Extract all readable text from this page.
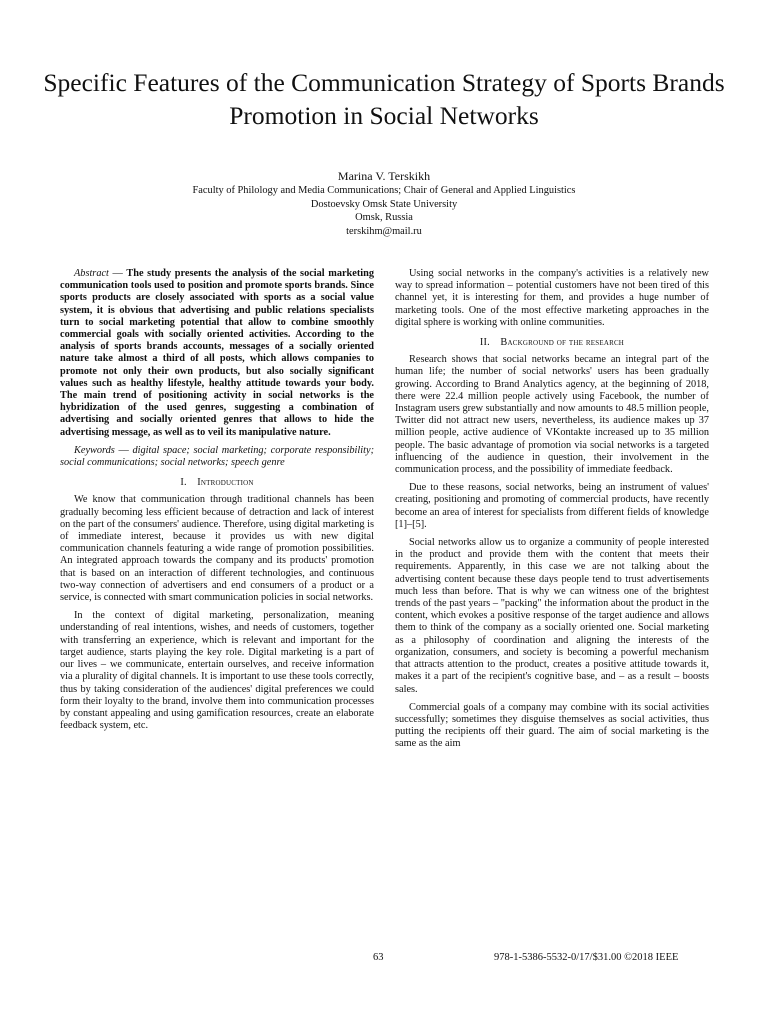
Specific Features of the Communication Strategy of Sports Brands Promotion in Social Networks
Marina V. Terskikh
Faculty of Philology and Media Communications; Chair of General and Applied Linguistics
Dostoevsky Omsk State University
Omsk, Russia
terskihm@mail.ru

Abstract — The study presents the analysis of the social marketing communication tools used to position and promote sports brands. Since sports products are closely associated with sports as a social value system, it is obvious that advertising and public relations specialists turn to social marketing potential that allow to combine smoothly commercial goals with socially oriented activities. According to the analysis of sports brands accounts, messages of a socially oriented nature take almost a third of all posts, which allows companies to promote not only their own products, but also socially significant values such as healthy lifestyle, healthy attitude towards your body. The main trend of positioning activity in social networks is the hybridization of the used genres, suggesting a combination of advertising and socially oriented genres that allows to hide the advertising message, as well as to veil its manipulative nature.

Keywords — digital space; social marketing; corporate responsibility; social communications; social networks; speech genre

I. Introduction

We know that communication through traditional channels has been gradually becoming less efficient because of detraction and lack of interest on the part of the consumers' audience. Therefore, using digital marketing is of immediate interest, because it provides us with new digital communication channels featuring a wide range of promotion possibilities. An integrated approach towards the company and its products' promotion that is based on an interaction of different technologies, and continuous two-way connection of advertisers and end consumers of a product or a service, is connected with smart communication policies in social networks.

In the context of digital marketing, personalization, meaning understanding of real intentions, wishes, and needs of customers, together with transferring an experience, which is relevant and important for the target audience, starts playing the key role. Digital marketing is a part of our lives – we communicate, entertain ourselves, and receive information via a plurality of digital channels. It is important to use these tools correctly, thus by taking consideration of the audiences' digital preferences we could form their loyalty to the brand, involve them into communication processes by constant appealing and using gamification resources, create an elaborate feedback system, etc.

Using social networks in the company's activities is a relatively new way to spread information – potential customers have not been tired of this channel yet, it is interesting for them, and provides a huge number of marketing tools. One of the most effective marketing approaches in the digital sphere is working with online communities.

II. Background of the research

Research shows that social networks became an integral part of the human life; the number of social networks' users has been gradually growing. According to Brand Analytics agency, at the beginning of 2018, there were 22.4 million people actively using Facebook, the number of Instagram users grew substantially and now amounts to 48.5 million people, Twitter did not attract new users, nevertheless, its audience makes up 37 million people, active audience of VKontakte increased up to 35 million people. The basic advantage of promotion via social networks is a targeted influencing of the audience in question, their involvement in the communication process, and the possibility of immediate feedback.

Due to these reasons, social networks, being an instrument of values' creating, positioning and promoting of commercial products, have recently become an area of interest for specialists from different fields of knowledge [1]–[5].

Social networks allow us to organize a community of people interested in the product and provide them with the content that meets their requirements. Apparently, in this case we are not talking about the advertising content because these days people tend to trust advertisements much less than before. That is why we can witness one of the brightest trends of the past years – "packing" the information about the product in the content, which evokes a positive response of the target audience and allows them to think of the company as a socially oriented one. Social marketing as a philosophy of coordination and aligning the interests of the organization, consumers, and society is becoming a powerful mechanism that attracts attention to the product, creates a positive attitude towards it, makes it a part of the recipient's cognitive base, and – as a result – boosts sales.

Commercial goals of a company may combine with its social activities successfully; sometimes they disguise themselves as social activities, thus putting the recipients off their guard. The aim of social marketing is the same as the aim

63	978-1-5386-5532-0/17/$31.00 ©2018 IEEE
